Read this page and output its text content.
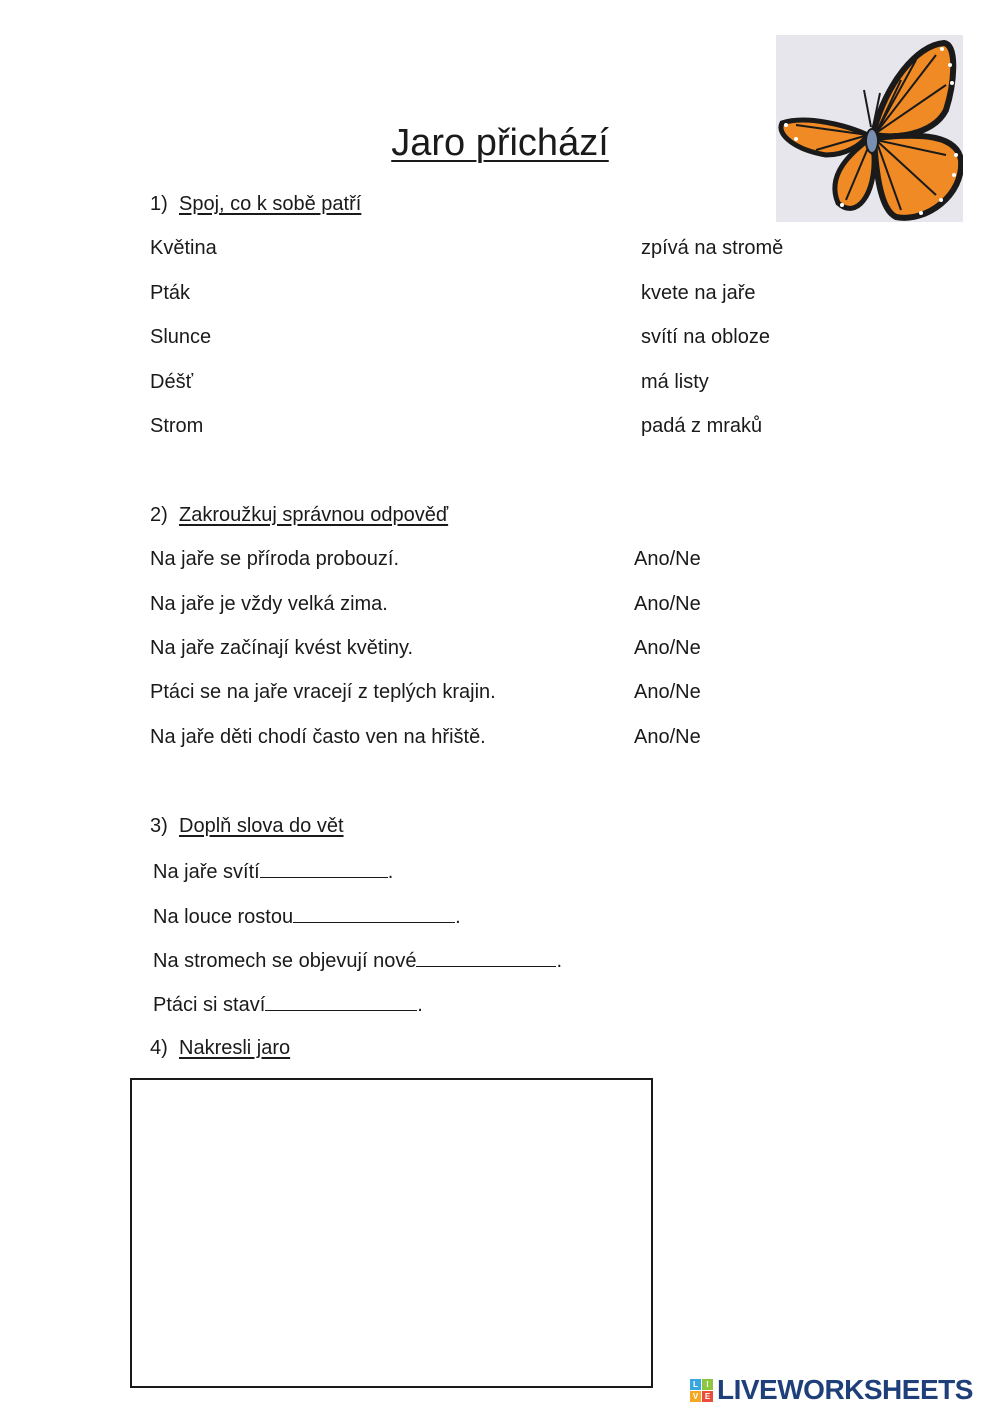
Jaro přichází
1) Spoj, co k sobě patří
Květina	zpívá na stromě
Pták	kvete na jaře
Slunce	svítí na obloze
Déšť	má listy
Strom	padá z mraků
2) Zakroužkuj správnou odpověď
Na jaře se příroda probouzí.	Ano/Ne
Na jaře je vždy velká zima.	Ano/Ne
Na jaře začínají kvést květiny.	Ano/Ne
Ptáci se na jaře vracejí z teplých krajin.	Ano/Ne
Na jaře děti chodí často ven na hřiště.	Ano/Ne
3) Doplň slova do vět
Na jaře svítí	.
Na louce rostou	.
Na stromech se objevují nové	.
Ptáci si staví	.
4) Nakresli jaro
L	I
V E LIVEWORKSHEETS
